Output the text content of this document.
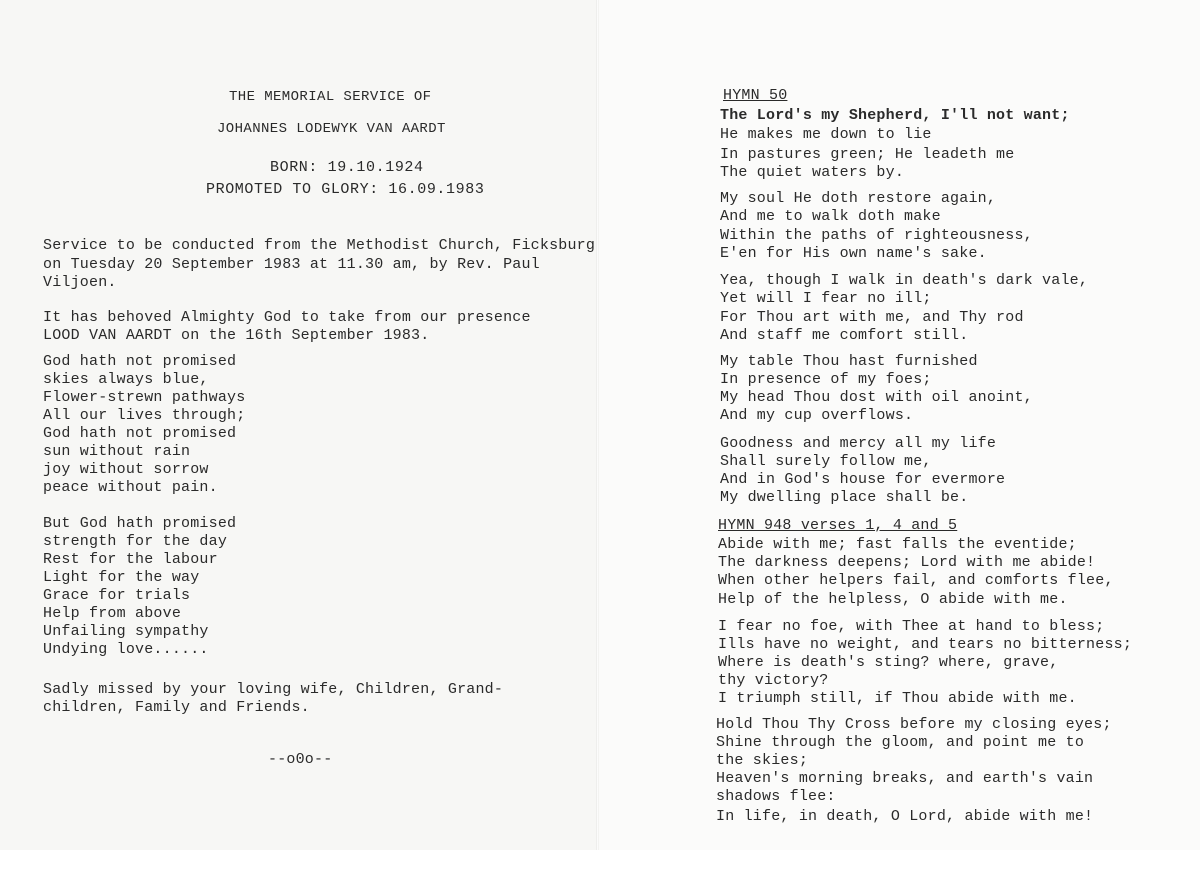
THE MEMORIAL SERVICE OF
JOHANNES LODEWYK VAN AARDT
BORN: 19.10.1924
PROMOTED TO GLORY: 16.09.1983
Service to be conducted from the Methodist Church, Ficksburg
on Tuesday 20 September 1983 at 11.30 am, by Rev. Paul
Viljoen.
It has behoved Almighty God to take from our presence
LOOD VAN AARDT on the 16th September 1983.
God hath not promised
skies always blue,
Flower-strewn pathways
All our lives through;
God hath not promised
sun without rain
joy without sorrow
peace without pain.
But God hath promised
strength for the day
Rest for the labour
Light for the way
Grace for trials
Help from above
Unfailing sympathy
Undying love......
Sadly missed by your loving wife, Children, Grand-
children, Family and Friends.
--o0o--
HYMN 50
The Lord's my Shepherd, I'll not want;
He makes me down to lie
In pastures green; He leadeth me
The quiet waters by.
My soul He doth restore again,
And me to walk doth make
Within the paths of righteousness,
E'en for His own name's sake.
Yea, though I walk in death's dark vale,
Yet will I fear no ill;
For Thou art with me, and Thy rod
And staff me comfort still.
My table Thou hast furnished
In presence of my foes;
My head Thou dost with oil anoint,
And my cup overflows.
Goodness and mercy all my life
Shall surely follow me,
And in God's house for evermore
My dwelling place shall be.
HYMN 948 verses 1, 4 and 5
Abide with me; fast falls the eventide;
The darkness deepens; Lord with me abide!
When other helpers fail, and comforts flee,
Help of the helpless, O abide with me.
I fear no foe, with Thee at hand to bless;
Ills have no weight, and tears no bitterness;
Where is death's sting? where, grave,
thy victory?
I triumph still, if Thou abide with me.
Hold Thou Thy Cross before my closing eyes;
Shine through the gloom, and point me to
the skies;
Heaven's morning breaks, and earth's vain
shadows flee:
In life, in death, O Lord, abide with me!
